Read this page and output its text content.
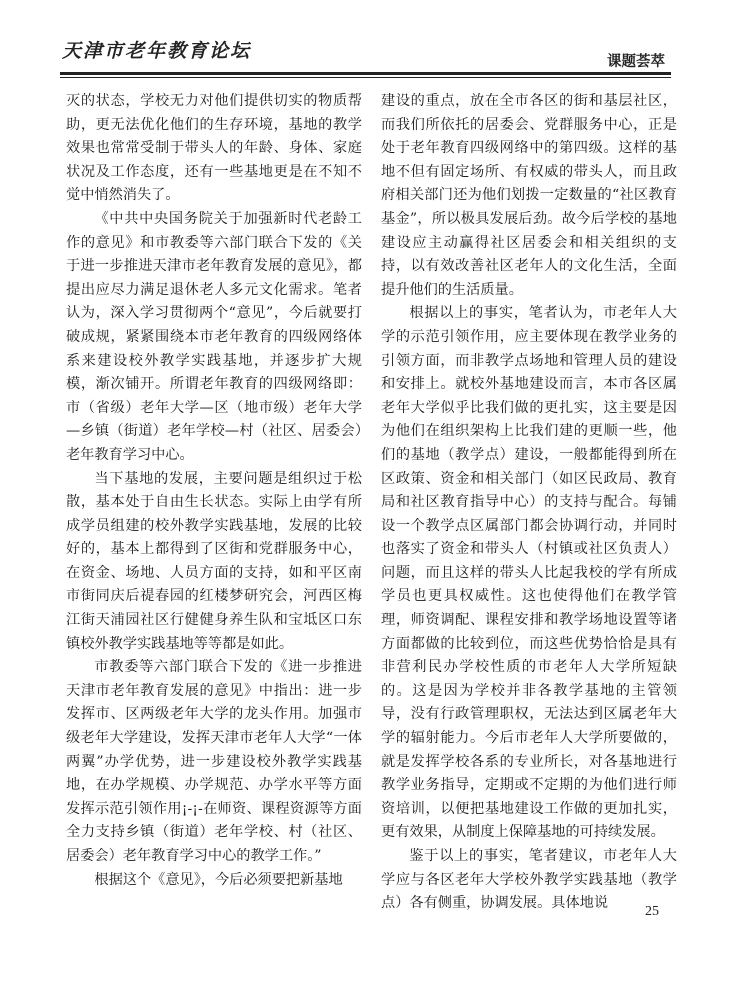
天津市老年教育论坛	课题荟萃

灭的状态，学校无力对他们提供切实的物质帮助，更无法优化他们的生存环境，基地的教学效果也常常受制于带头人的年龄、身体、家庭状况及工作态度，还有一些基地更是在不知不觉中悄然消失了。

《中共中央国务院关于加强新时代老龄工作的意见》和市教委等六部门联合下发的《关于进一步推进天津市老年教育发展的意见》，都提出应尽力满足退休老人多元文化需求。笔者认为，深入学习贯彻两个“意见”，今后就要打破成规，紧紧围绕本市老年教育的四级网络体系来建设校外教学实践基地，并逐步扩大规模，渐次铺开。所谓老年教育的四级网络即：市（省级）老年大学—区（地市级）老年大学—乡镇（街道）老年学校—村（社区、居委会）老年教育学习中心。

当下基地的发展，主要问题是组织过于松散，基本处于自由生长状态。实际上由学有所成学员组建的校外教学实践基地，发展的比较好的，基本上都得到了区街和党群服务中心，在资金、场地、人员方面的支持，如和平区南市街同庆后禔春园的红楼梦研究会，河西区梅江街天浦园社区行健健身养生队和宝坻区口东镇校外教学实践基地等等都是如此。

市教委等六部门联合下发的《进一步推进天津市老年教育发展的意见》中指出：进一步发挥市、区两级老年大学的龙头作用。加强市级老年大学建设，发挥天津市老年人大学“一体两翼”办学优势，进一步建设校外教学实践基地，在办学规模、办学规范、办学水平等方面发挥示范引领作用¡-¡-在师资、课程资源等方面全力支持乡镇（街道）老年学校、村（社区、居委会）老年教育学习中心的教学工作。”

根据这个《意见》，今后必须要把新基地

建设的重点，放在全市各区的街和基层社区，而我们所依托的居委会、党群服务中心，正是处于老年教育四级网络中的第四级。这样的基地不但有固定场所、有权威的带头人，而且政府相关部门还为他们划拨一定数量的“社区教育基金”，所以极具发展后劲。故今后学校的基地建设应主动赢得社区居委会和相关组织的支持，以有效改善社区老年人的文化生活，全面提升他们的生活质量。

根据以上的事实，笔者认为，市老年人大学的示范引领作用，应主要体现在教学业务的引领方面，而非教学点场地和管理人员的建设和安排上。就校外基地建设而言，本市各区属老年大学似乎比我们做的更扎实，这主要是因为他们在组织架构上比我们建的更顺一些，他们的基地（教学点）建设，一般都能得到所在区政策、资金和相关部门（如区民政局、教育局和社区教育指导中心）的支持与配合。每铺设一个教学点区属部门都会协调行动，并同时也落实了资金和带头人（村镇或社区负责人）问题，而且这样的带头人比起我校的学有所成学员也更具权威性。这也使得他们在教学管理，师资调配、课程安排和教学场地设置等诸方面都做的比较到位，而这些优势恰恰是具有非营利民办学校性质的市老年人大学所短缺的。这是因为学校并非各教学基地的主管领导，没有行政管理职权，无法达到区属老年大学的辐射能力。今后市老年人大学所要做的，就是发挥学校各系的专业所长，对各基地进行教学业务指导，定期或不定期的为他们进行师资培训，以便把基地建设工作做的更加扎实，更有效果，从制度上保障基地的可持续发展。

鉴于以上的事实，笔者建议，市老年人大学应与各区老年大学校外教学实践基地（教学点）各有侧重，协调发展。具体地说

25
